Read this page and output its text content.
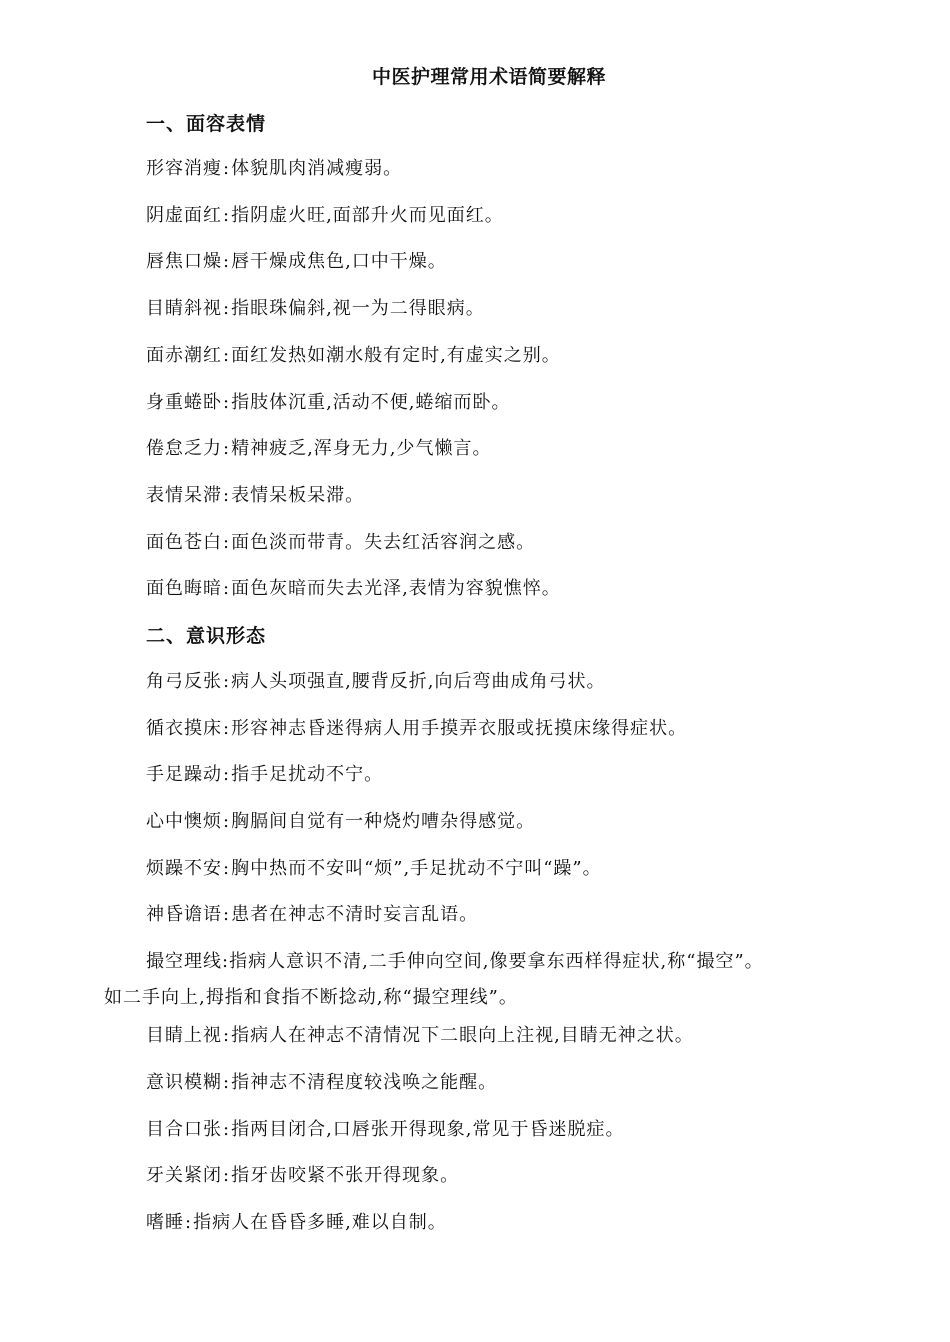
中医护理常用术语简要解释
一、面容表情
形容消瘦:体貌肌肉消减瘦弱。
阴虚面红:指阴虚火旺,面部升火而见面红。
唇焦口燥:唇干燥成焦色,口中干燥。
目睛斜视:指眼珠偏斜,视一为二得眼病。
面赤潮红:面红发热如潮水般有定时,有虚实之别。
身重蜷卧:指肢体沉重,活动不便,蜷缩而卧。
倦怠乏力:精神疲乏,浑身无力,少气懒言。
表情呆滞:表情呆板呆滞。
面色苍白:面色淡而带青。失去红活容润之感。
面色晦暗:面色灰暗而失去光泽,表情为容貌憔悴。
二、意识形态
角弓反张:病人头项强直,腰背反折,向后弯曲成角弓状。
循衣摸床:形容神志昏迷得病人用手摸弄衣服或抚摸床缘得症状。
手足躁动:指手足扰动不宁。
心中懊烦:胸膈间自觉有一种烧灼嘈杂得感觉。
烦躁不安:胸中热而不安叫“烦”,手足扰动不宁叫“躁”。
神昏谵语:患者在神志不清时妄言乱语。
撮空理线:指病人意识不清,二手伸向空间,像要拿东西样得症状,称“撮空”。
如二手向上,拇指和食指不断捻动,称“撮空理线”。
目睛上视:指病人在神志不清情况下二眼向上注视,目睛无神之状。
意识模糊:指神志不清程度较浅唤之能醒。
目合口张:指两目闭合,口唇张开得现象,常见于昏迷脱症。
牙关紧闭:指牙齿咬紧不张开得现象。
嗜睡:指病人在昏昏多睡,难以自制。
